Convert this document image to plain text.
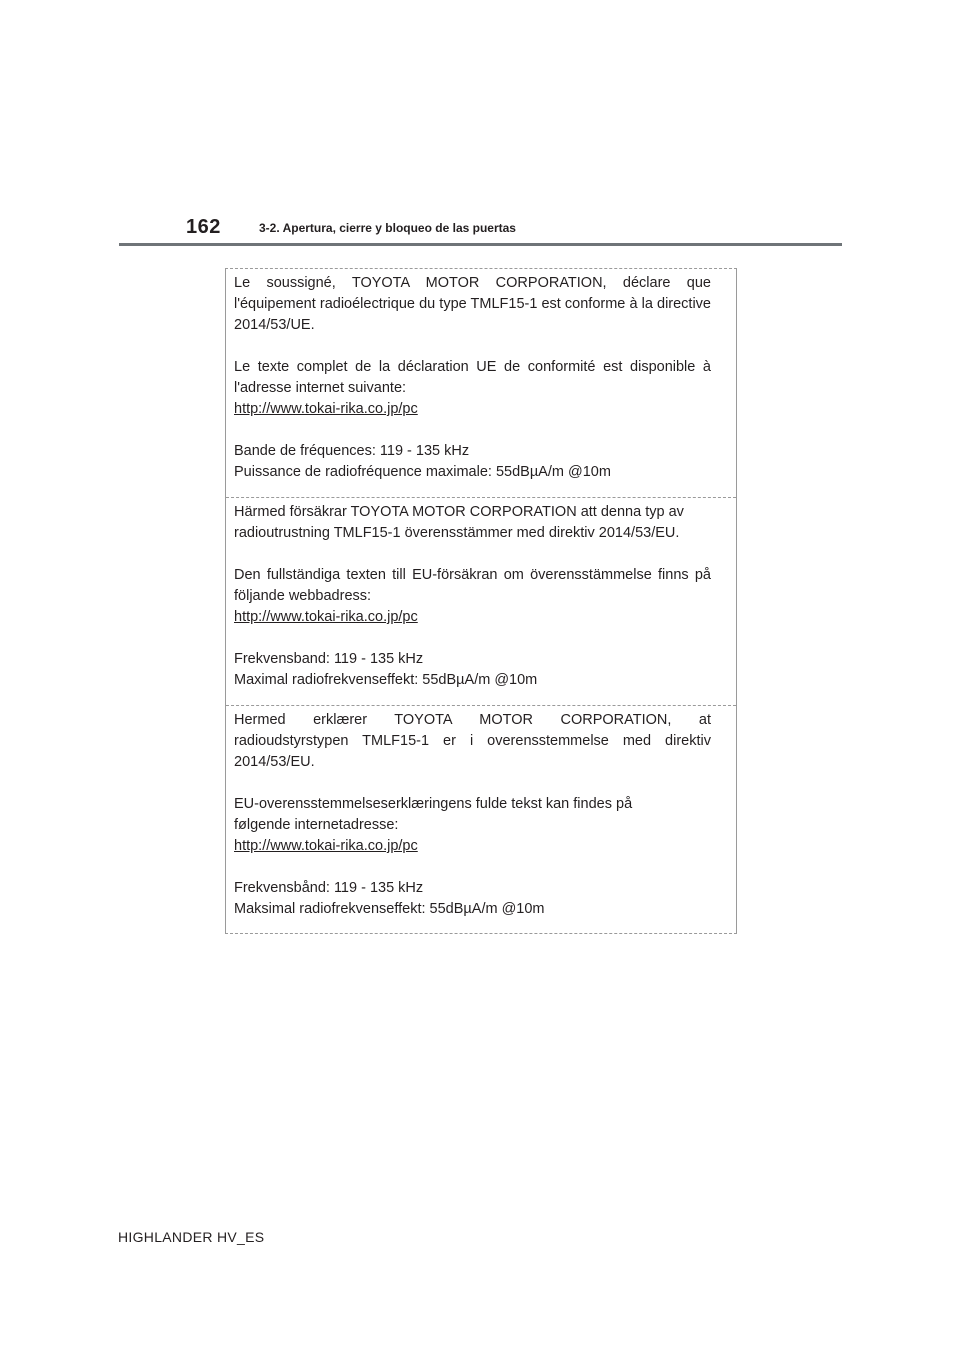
162	3-2. Apertura, cierre y bloqueo de las puertas

Le soussigné, TOYOTA MOTOR CORPORATION, déclare que l'équipement radioélectrique du type TMLF15-1 est conforme à la directive 2014/53/UE.

Le texte complet de la déclaration UE de conformité est disponible à l'adresse internet suivante:
http://www.tokai-rika.co.jp/pc

Bande de fréquences: 119 - 135 kHz
Puissance de radiofréquence maximale: 55dBµA/m @10m

Härmed försäkrar TOYOTA MOTOR CORPORATION att denna typ av radioutrustning TMLF15-1 överensstämmer med direktiv 2014/53/EU.

Den fullständiga texten till EU-försäkran om överensstämmelse finns på följande webbadress:
http://www.tokai-rika.co.jp/pc

Frekvensband: 119 - 135 kHz
Maximal radiofrekvenseffekt: 55dBµA/m @10m

Hermed erklærer TOYOTA MOTOR CORPORATION, at radioudstyrstypen TMLF15-1 er i overensstemmelse med direktiv 2014/53/EU.

EU-overensstemmelseserklæringens fulde tekst kan findes på
følgende internetadresse:
http://www.tokai-rika.co.jp/pc

Frekvensbånd: 119 - 135 kHz
Maksimal radiofrekvenseffekt: 55dBµA/m @10m

HIGHLANDER HV_ES
